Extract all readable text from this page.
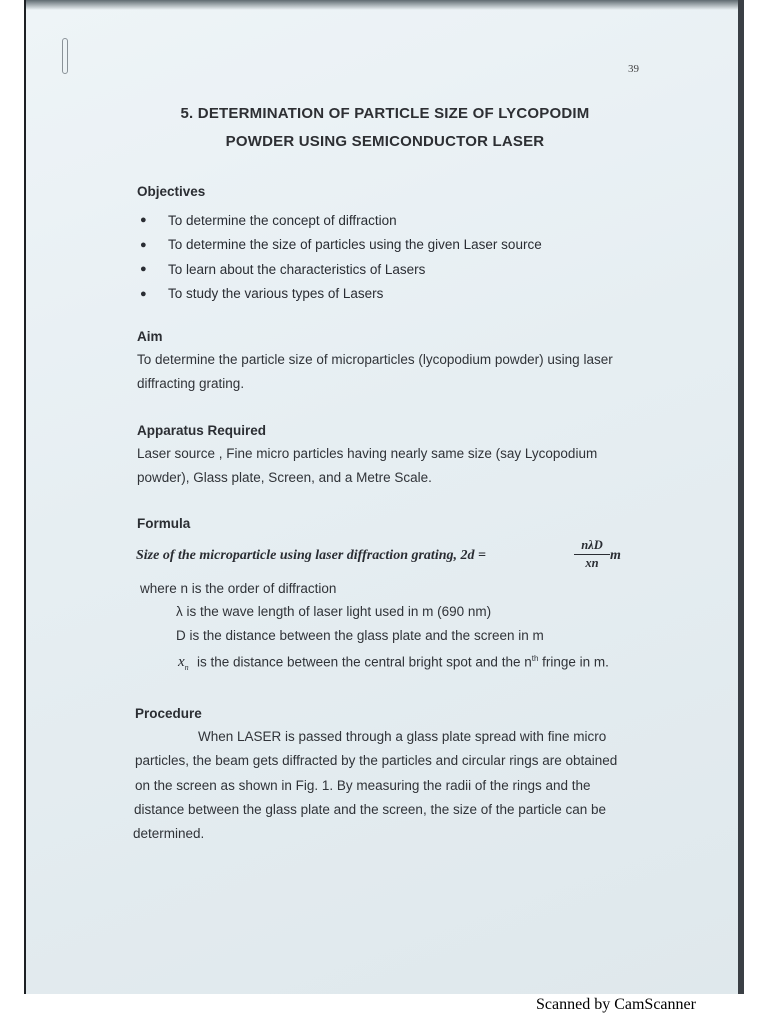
39
5. DETERMINATION OF PARTICLE SIZE OF LYCOPODIM
POWDER USING SEMICONDUCTOR LASER
Objectives
●	To determine the concept of diffraction
●	To determine the size of particles using the given Laser source
●	To learn about the characteristics of Lasers
●	To study the various types of Lasers
Aim
To determine the particle size of microparticles (lycopodium powder) using laser
diffracting grating.
Apparatus Required
Laser source , Fine micro particles having nearly same size (say Lycopodium
powder), Glass plate, Screen, and a Metre Scale.
Formula
Size of the microparticle using laser diffraction grating, 2d =
nλD
xn m
where n is the order of diffraction
λ is the wave length of laser light used in m (690 nm)
D is the distance between the glass plate and the screen in m
$x_n$ is the distance between the central bright spot and the $n^{th}$ fringe in m.
Procedure
When LASER is passed through a glass plate spread with fine micro
particles, the beam gets diffracted by the particles and circular rings are obtained
on the screen as shown in Fig. 1. By measuring the radii of the rings and the
distance between the glass plate and the screen, the size of the particle can be
determined.
Scanned by CamScanner
